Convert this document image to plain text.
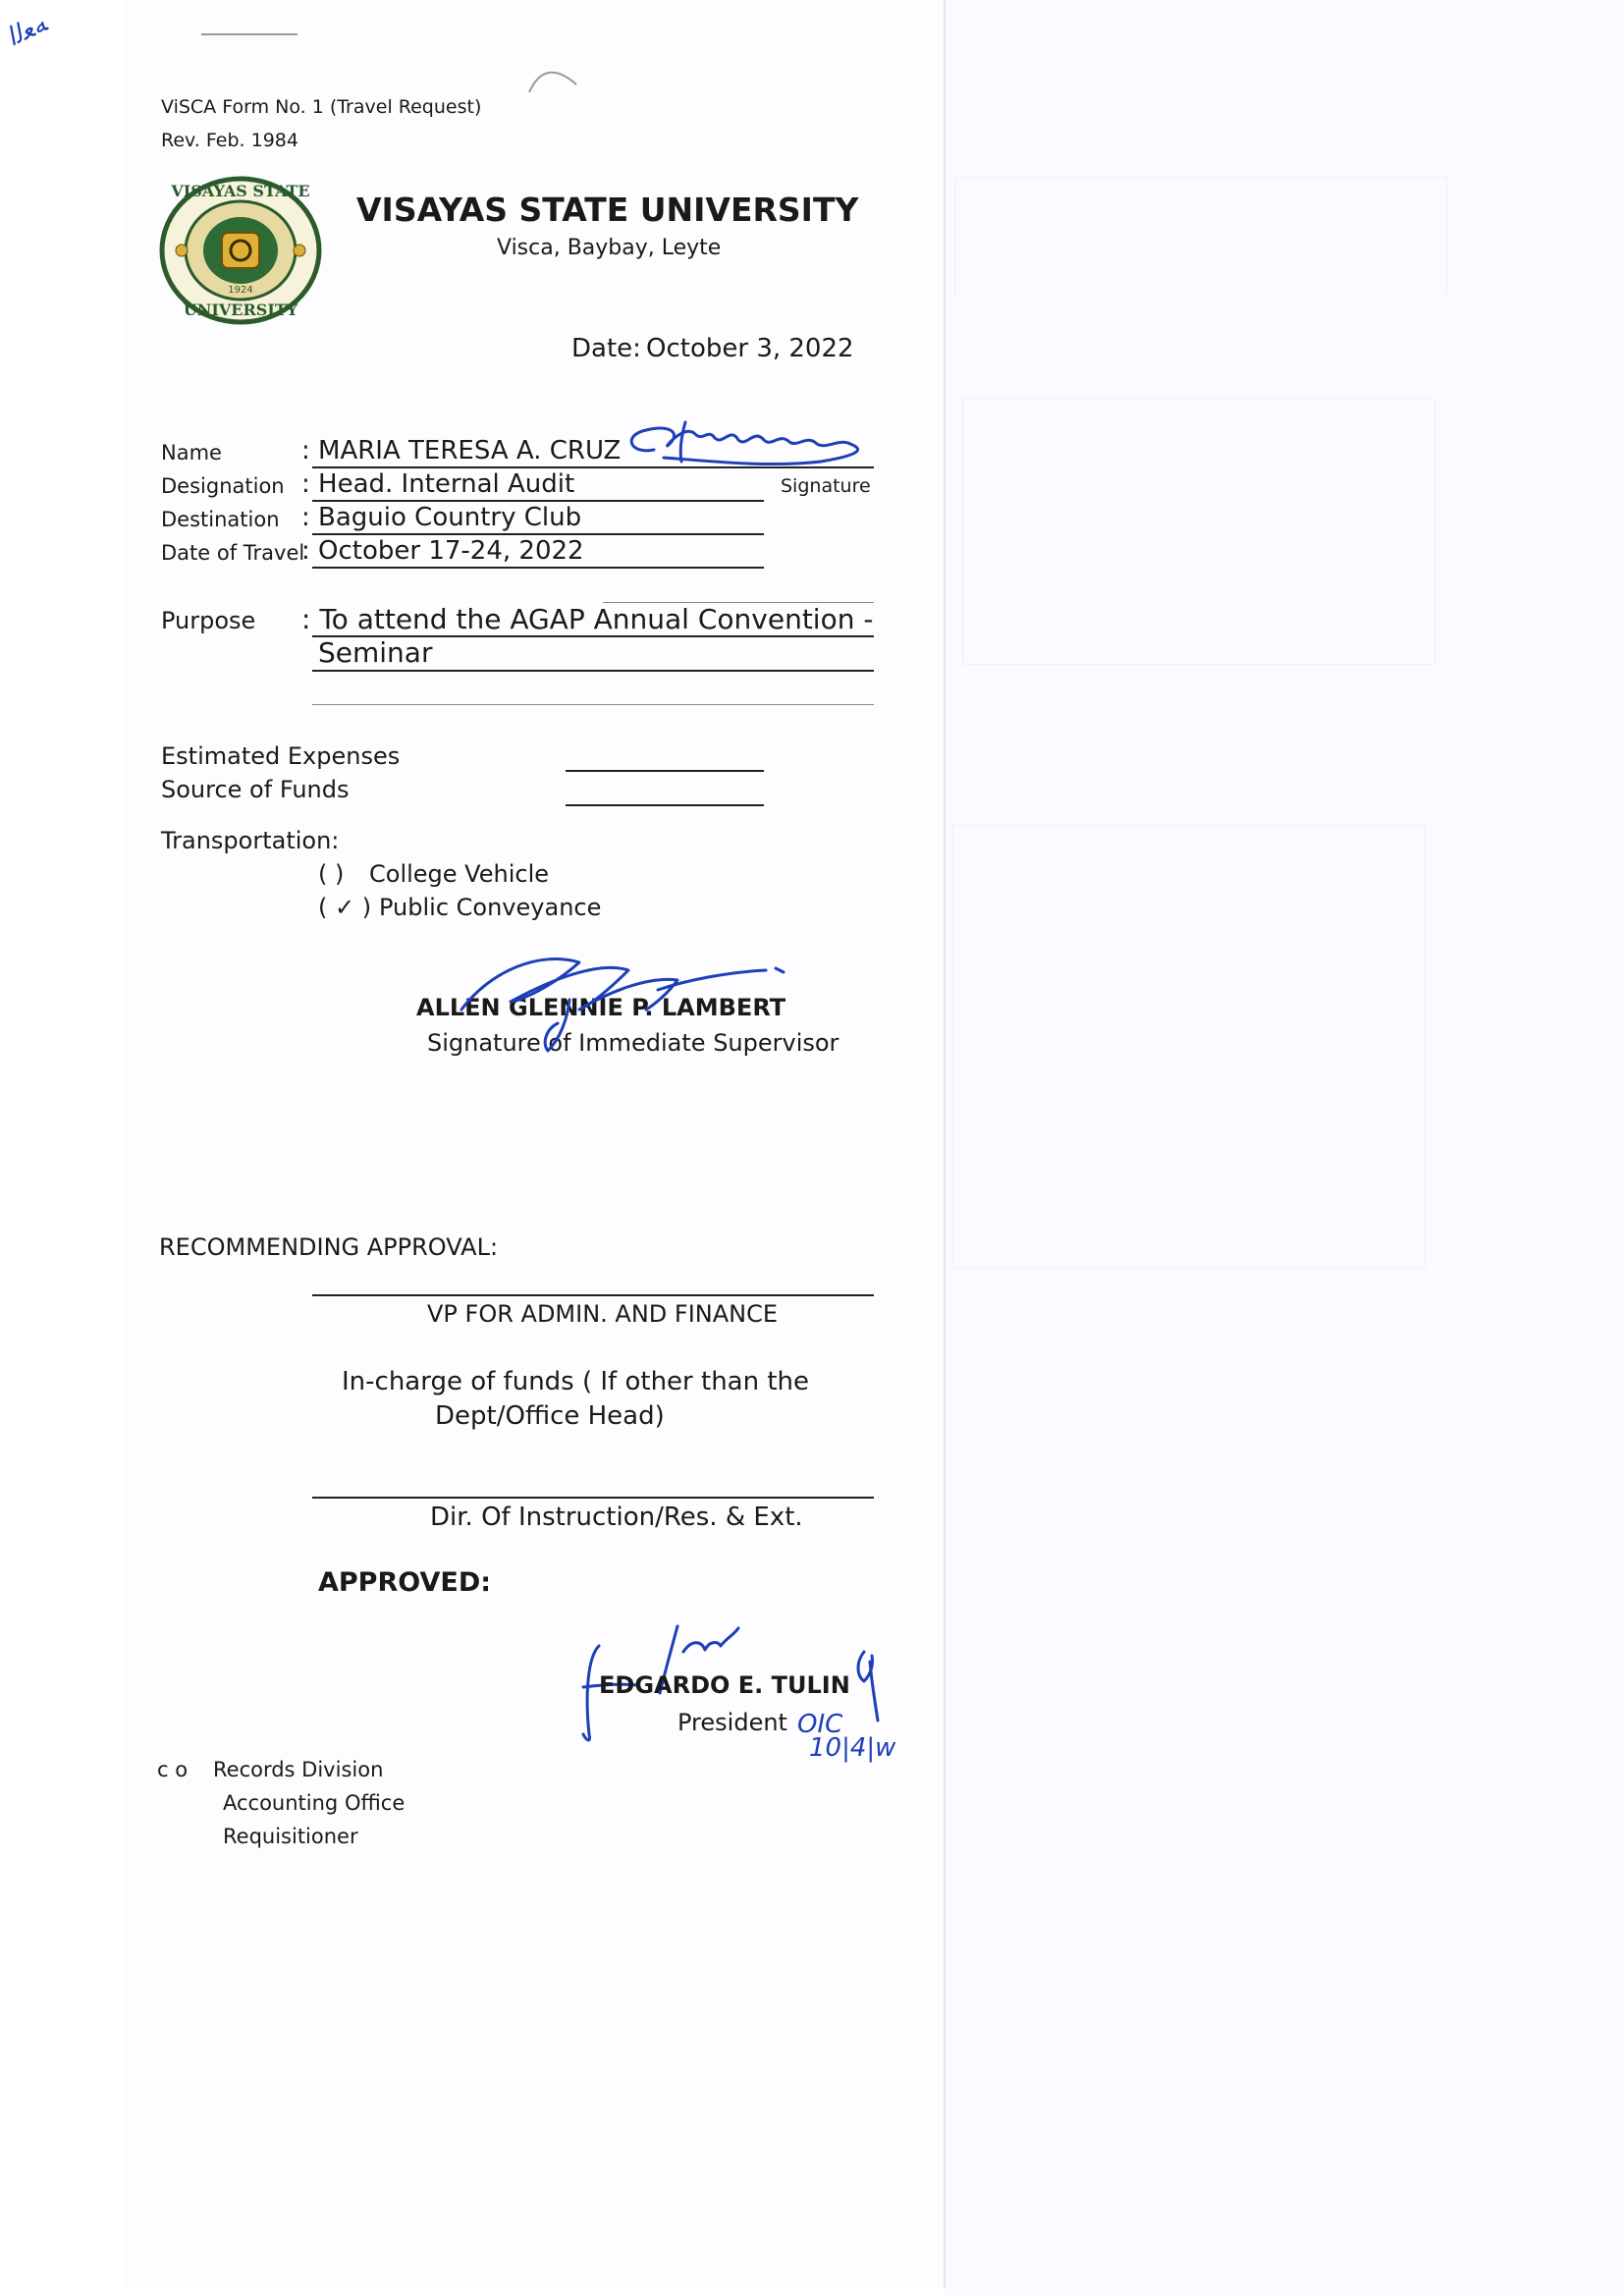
ﻪﻌﻟﺍ
ViSCA Form No. 1 (Travel Request)
Rev. Feb. 1984
VISAYAS STATE
UNIVERSITY
1924
VISAYAS STATE UNIVERSITY
Visca, Baybay, Leyte
Date: October 3, 2022
Name	: MARIA TERESA A. CRUZ
Designation : Head. Internal Audit	Signature
Destination : Baguio Country Club
Date of Travel
: October 17-24, 2022
Purpose : To attend the AGAP Annual Convention -
Seminar
Estimated Expenses
Source of Funds
Transportation:
( ) College Vehicle
( ✓ ) Public Conveyance
ALLEN GLENNIE P. LAMBERT
Signature of Immediate Supervisor
RECOMMENDING APPROVAL:
VP FOR ADMIN. AND FINANCE
In-charge of funds ( If other than the
Dept/Office Head)
Dir. Of Instruction/Res. & Ext.
APPROVED:
OIC
10|4|w
EDGARDO E. TULIN
President
c o Records Division
Accounting Office
Requisitioner
